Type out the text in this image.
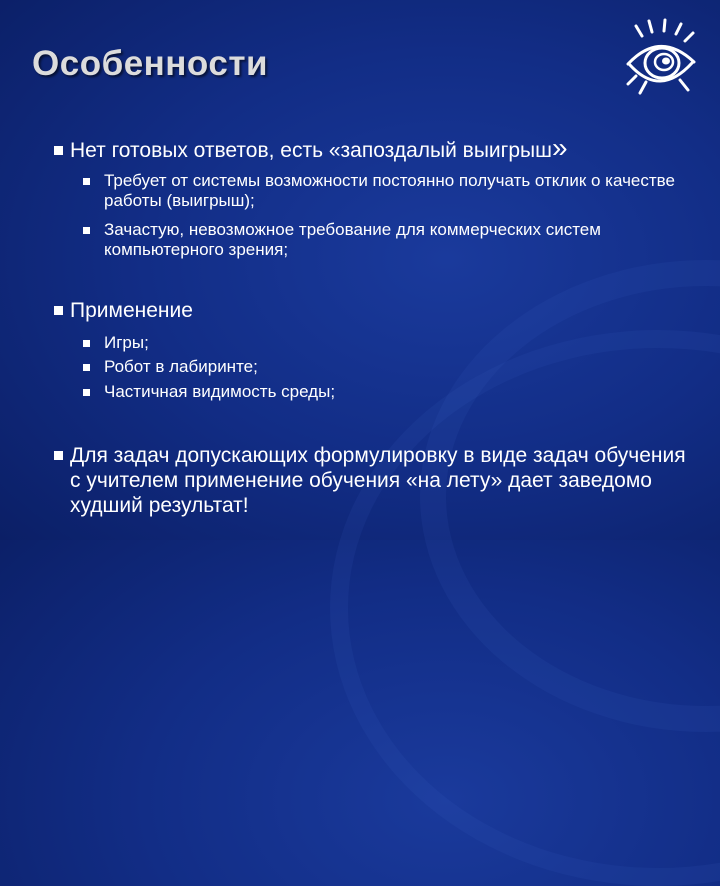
Особенности
Нет готовых ответов, есть «запоздалый выигрыш»
Требует от системы возможности постоянно получать отклик о качестве работы (выигрыш);
Зачастую, невозможное требование для коммерческих систем компьютерного зрения;
Применение
Игры;
Робот в лабиринте;
Частичная видимость среды;
Для задач допускающих формулировку в виде задач обучения с учителем применение обучения «на лету» дает заведомо худший результат!
